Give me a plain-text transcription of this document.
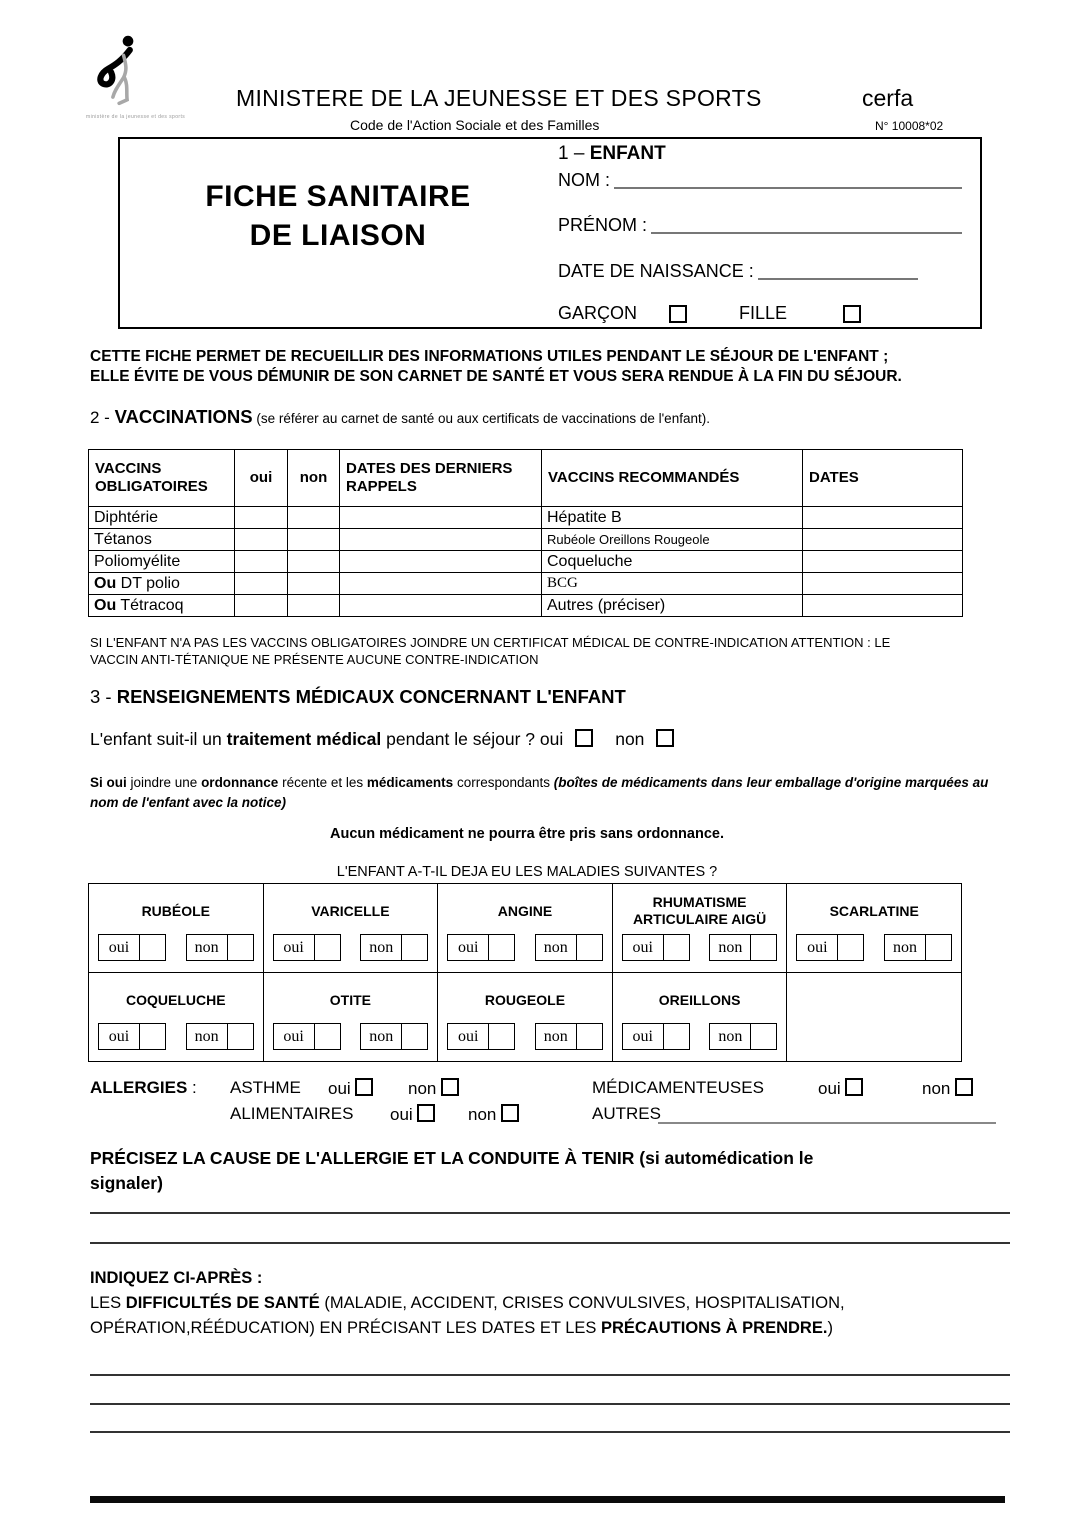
ministère de la jeunesse et des sports
MINISTERE DE LA JEUNESSE ET DES SPORTS	cerfa
Code de l'Action Sociale et des Familles	N° 10008*02
FICHE SANITAIRE
DE LIAISON
1 – ENFANT
NOM :
PRÉNOM :
DATE DE NAISSANCE :
GARÇON	FILLE
CETTE FICHE PERMET DE RECUEILLIR DES INFORMATIONS UTILES PENDANT LE SÉJOUR DE L'ENFANT ;
ELLE ÉVITE DE VOUS DÉMUNIR DE SON CARNET DE SANTÉ ET VOUS SERA RENDUE À LA FIN DU SÉJOUR.
2 - VACCINATIONS (se référer au carnet de santé ou aux certificats de vaccinations de l'enfant).
VACCINS OBLIGATOIRES	oui	non	DATES DES DERNIERS RAPPELS	VACCINS RECOMMANDÉS	DATES
Diphtérie				Hépatite B	
Tétanos				Rubéole Oreillons Rougeole	
Poliomyélite				Coqueluche	
Ou DT polio				BCG	
Ou Tétracoq				Autres (préciser)	
SI L'ENFANT N'A PAS LES VACCINS OBLIGATOIRES JOINDRE UN CERTIFICAT MÉDICAL DE CONTRE-INDICATION ATTENTION : LE
VACCIN ANTI-TÉTANIQUE NE PRÉSENTE AUCUNE CONTRE-INDICATION
3 - RENSEIGNEMENTS MÉDICAUX CONCERNANT L'ENFANT
L'enfant suit-il un traitement médical pendant le séjour ? oui	non
Si oui joindre une ordonnance récente et les médicaments correspondants (boîtes de médicaments dans leur emballage d'origine marquées au nom de l'enfant avec la notice)
Aucun médicament ne pourra être pris sans ordonnance.
L'ENFANT A-T-IL DEJA EU LES MALADIES SUIVANTES ?
RUBÉOLE
oui	non

VARICELLE
oui	non

ANGINE
oui	non

RHUMATISME ARTICULAIRE AIGÜ
oui	non

SCARLATINE
oui	non

COQUELUCHE
oui	non

OTITE
oui	non

ROUGEOLE
oui	non

OREILLONS
oui	non

ALLERGIES : ASTHME oui	non	MÉDICAMENTEUSES	oui	non
ALIMENTAIRES oui	non	AUTRES
PRÉCISEZ LA CAUSE DE L'ALLERGIE ET LA CONDUITE À TENIR (si automédication le
signaler)
INDIQUEZ CI-APRÈS :
LES DIFFICULTÉS DE SANTÉ (MALADIE, ACCIDENT, CRISES CONVULSIVES, HOSPITALISATION,
OPÉRATION,RÉÉDUCATION) EN PRÉCISANT LES DATES ET LES PRÉCAUTIONS À PRENDRE.)
